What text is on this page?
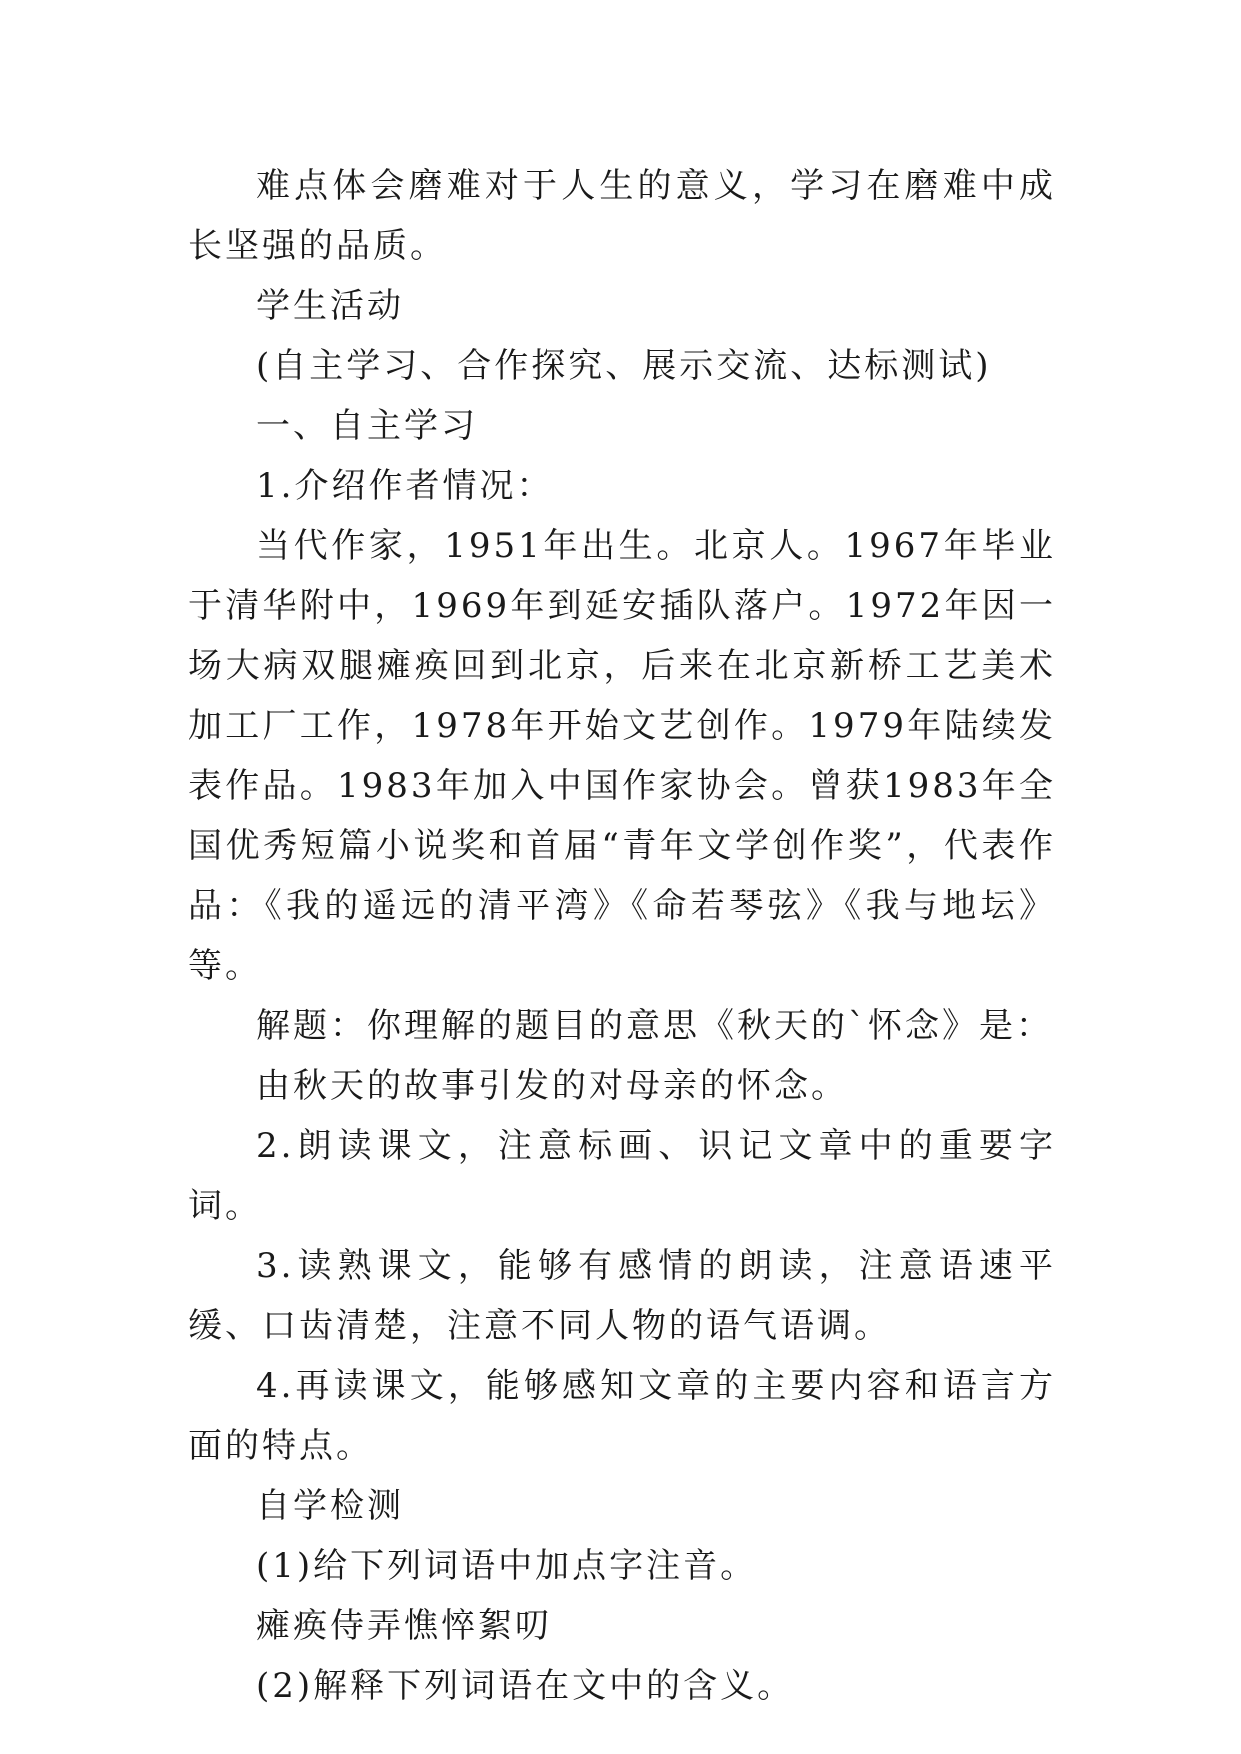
难点体会磨难对于人生的意义，学习在磨难中成长坚强的品质。

学生活动

(自主学习、合作探究、展示交流、达标测试)

一、自主学习

1.介绍作者情况：

当代作家，1951年出生。北京人。1967年毕业于清华附中，1969年到延安插队落户。1972年因一场大病双腿瘫痪回到北京，后来在北京新桥工艺美术加工厂工作，1978年开始文艺创作。1979年陆续发表作品。1983年加入中国作家协会。曾获1983年全国优秀短篇小说奖和首届“青年文学创作奖”，代表作品：《我的遥远的清平湾》《命若琴弦》《我与地坛》等。

解题：你理解的题目的意思《秋天的`怀念》是：

由秋天的故事引发的对母亲的怀念。

2.朗读课文，注意标画、识记文章中的重要字词。

3.读熟课文，能够有感情的朗读，注意语速平缓、口齿清楚，注意不同人物的语气语调。

4.再读课文，能够感知文章的主要内容和语言方面的特点。

自学检测

(1)给下列词语中加点字注音。

瘫痪侍弄憔悴絮叨

(2)解释下列词语在文中的含义。
